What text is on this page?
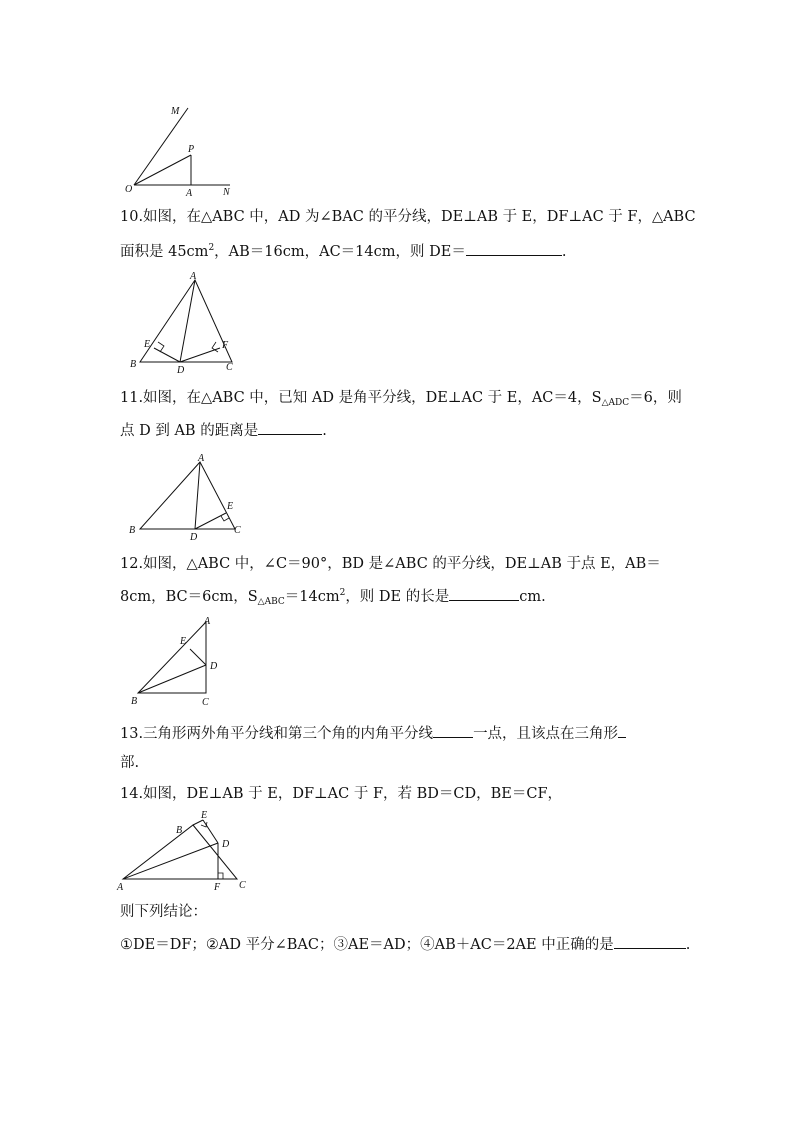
M
P
O	A	N
10.如图，在△ABC 中，AD 为∠BAC 的平分线，DE⊥AB 于 E，DF⊥AC 于 F，△ABC
面积是 $45cm^2$，AB＝16cm，AC＝14cm，则 DE＝	.
A
B	C
D
E	F
11.如图，在△ABC 中，已知 AD 是角平分线，DE⊥AC 于 E，AC＝4，$S_{\triangle ADC}=6$，则
点 D 到 AB 的距离是	.
A
B	C
D
E
12.如图，△ABC 中，∠C＝90°，BD 是∠ABC 的平分线，DE⊥AB 于点 E，AB＝
8cm，BC＝6cm，$S_{\triangle ABC}=14cm^2$，则 DE 的长是	cm.
A
B	C
D
E
13.三角形两外角平分线和第三个角的内角平分线	一点，且该点在三角形
部.
14.如图，DE⊥AB 于 E，DF⊥AC 于 F，若 BD＝CD，BE＝CF，
A
B
C
D
E
F
则下列结论：
①DE＝DF；②AD 平分∠BAC；③AE＝AD；④AB＋AC＝2AE 中正确的是	.
